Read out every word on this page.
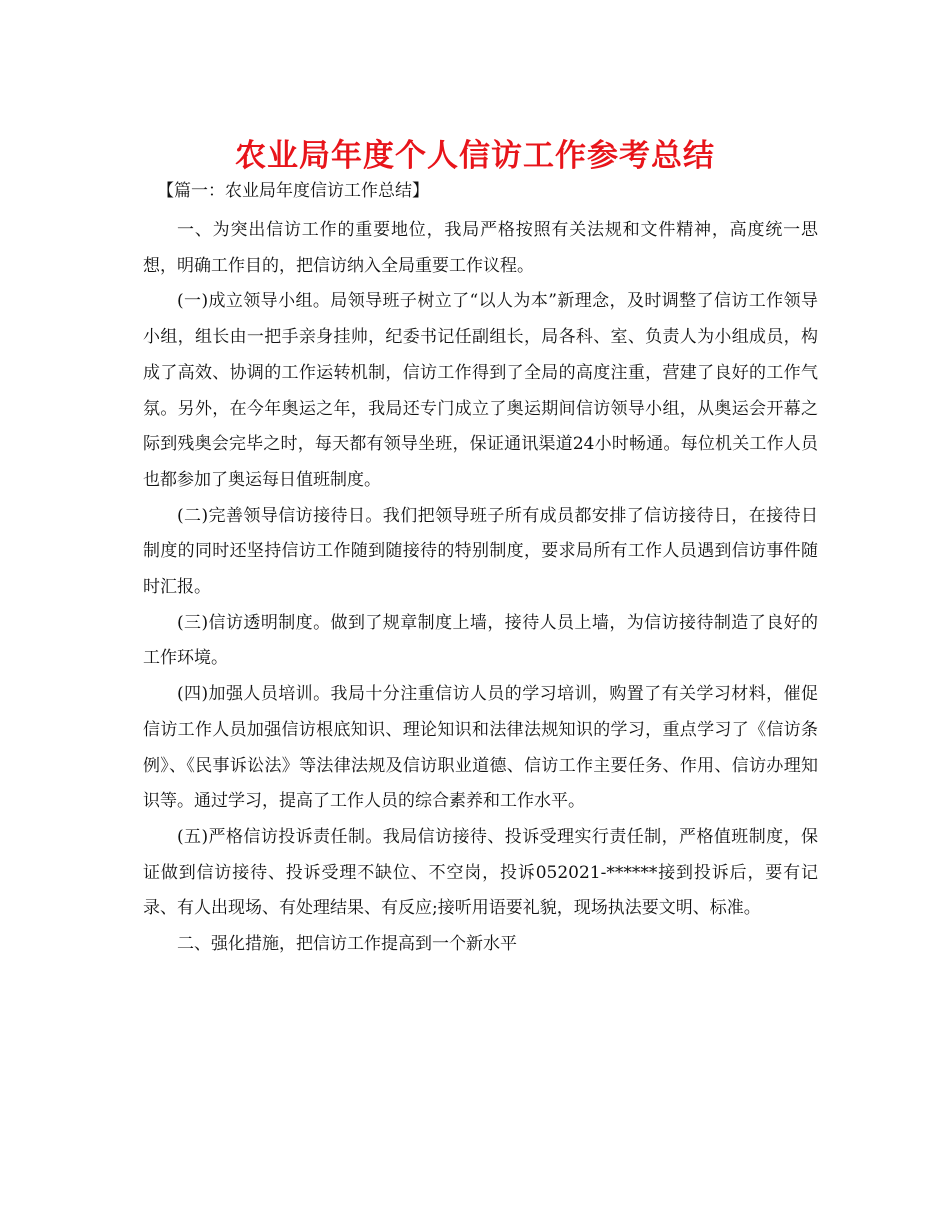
农业局年度个人信访工作参考总结
【篇一：农业局年度信访工作总结】

一、为突出信访工作的重要地位，我局严格按照有关法规和文件精神，高度统一思想，明确工作目的，把信访纳入全局重要工作议程。

(一)成立领导小组。局领导班子树立了“以人为本”新理念，及时调整了信访工作领导小组，组长由一把手亲身挂帅，纪委书记任副组长，局各科、室、负责人为小组成员，构成了高效、协调的工作运转机制，信访工作得到了全局的高度注重，营建了良好的工作气氛。另外，在今年奥运之年，我局还专门成立了奥运期间信访领导小组，从奥运会开幕之际到残奥会完毕之时，每天都有领导坐班，保证通讯渠道24小时畅通。每位机关工作人员也都参加了奥运每日值班制度。

(二)完善领导信访接待日。我们把领导班子所有成员都安排了信访接待日，在接待日制度的同时还坚持信访工作随到随接待的特别制度，要求局所有工作人员遇到信访事件随时汇报。

(三)信访透明制度。做到了规章制度上墙，接待人员上墙，为信访接待制造了良好的工作环境。

(四)加强人员培训。我局十分注重信访人员的学习培训，购置了有关学习材料，催促信访工作人员加强信访根底知识、理论知识和法律法规知识的学习，重点学习了《信访条例》、《民事诉讼法》等法律法规及信访职业道德、信访工作主要任务、作用、信访办理知识等。通过学习，提高了工作人员的综合素养和工作水平。

(五)严格信访投诉责任制。我局信访接待、投诉受理实行责任制，严格值班制度，保证做到信访接待、投诉受理不缺位、不空岗，投诉052021-******接到投诉后，要有记录、有人出现场、有处理结果、有反应;接听用语要礼貌，现场执法要文明、标准。

二、强化措施，把信访工作提高到一个新水平
